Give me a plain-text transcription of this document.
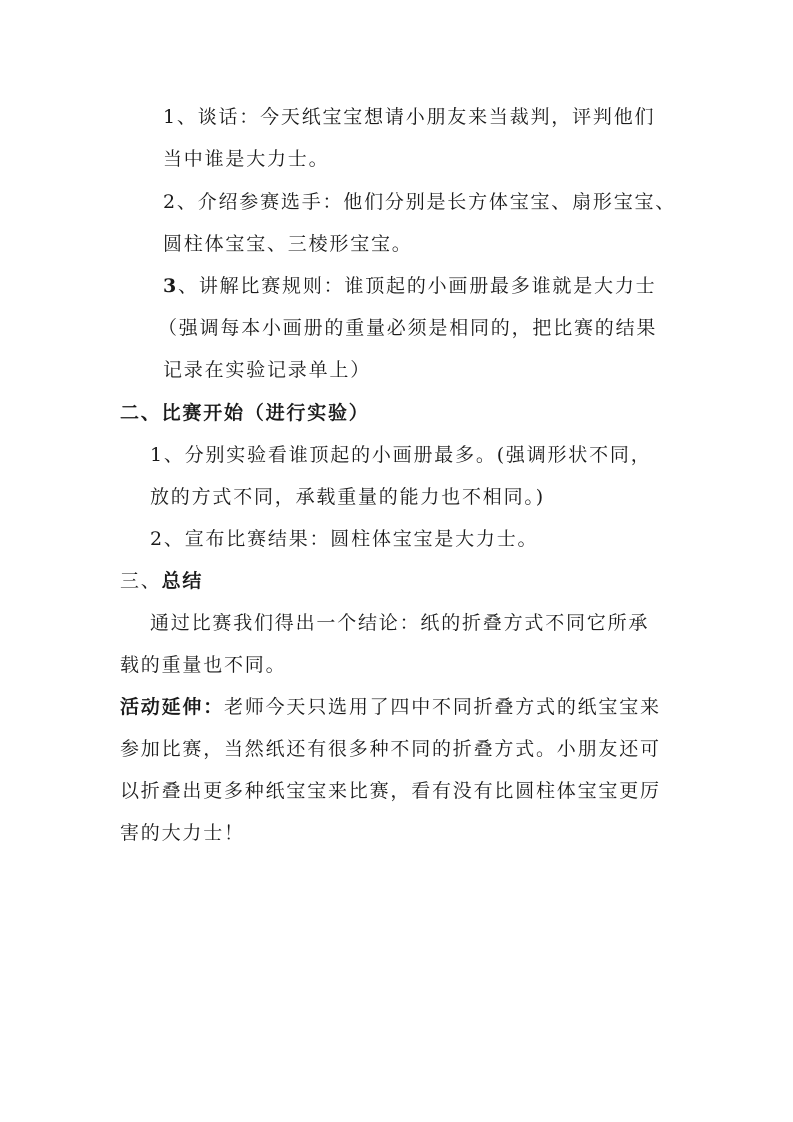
1、谈话：今天纸宝宝想请小朋友来当裁判，评判他们
当中谁是大力士。
2、介绍参赛选手：他们分别是长方体宝宝、扇形宝宝、
圆柱体宝宝、三棱形宝宝。
3、讲解比赛规则：谁顶起的小画册最多谁就是大力士
（强调每本小画册的重量必须是相同的，把比赛的结果
记录在实验记录单上）
二、比赛开始（进行实验）
1、分别实验看谁顶起的小画册最多。(强调形状不同，
放的方式不同，承载重量的能力也不相同。)
2、宣布比赛结果：圆柱体宝宝是大力士。
三、总结
通过比赛我们得出一个结论：纸的折叠方式不同它所承
载的重量也不同。
活动延伸：老师今天只选用了四中不同折叠方式的纸宝宝来
参加比赛，当然纸还有很多种不同的折叠方式。小朋友还可
以折叠出更多种纸宝宝来比赛，看有没有比圆柱体宝宝更厉
害的大力士！
